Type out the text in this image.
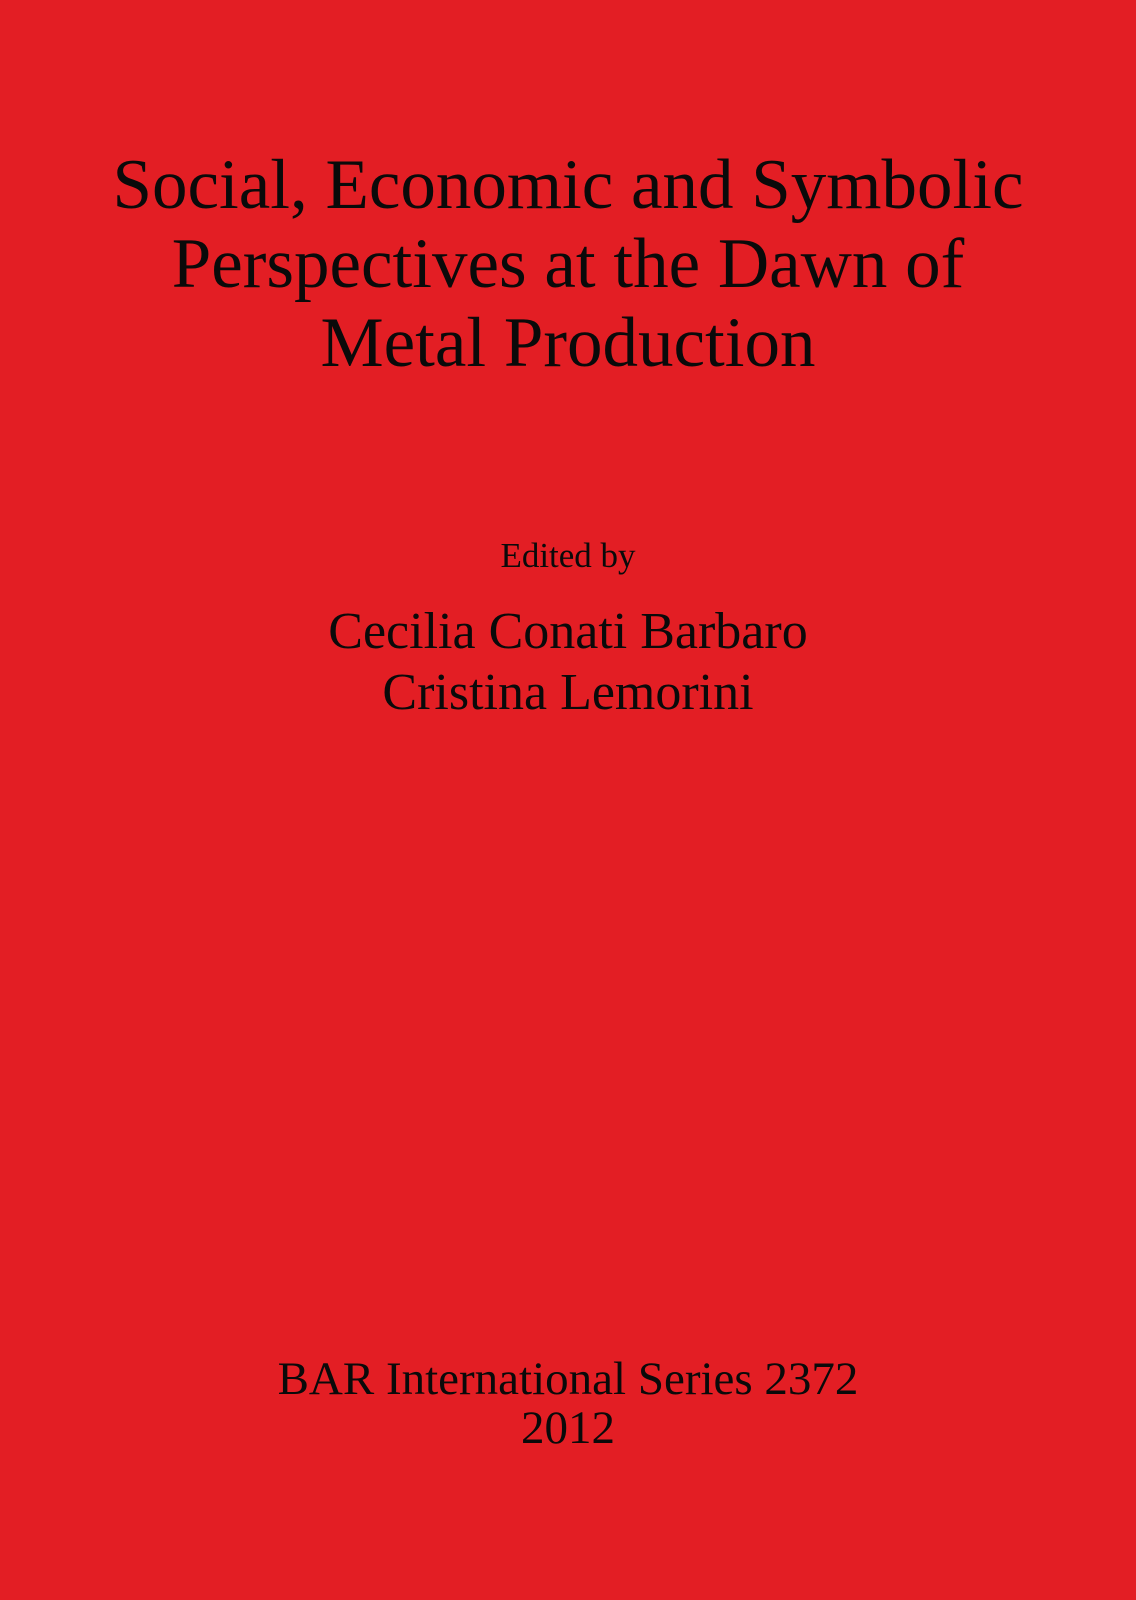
Social, Economic and Symbolic
Perspectives at the Dawn of
Metal Production
Edited by
Cecilia Conati Barbaro
Cristina Lemorini
BAR International Series 2372
2012
